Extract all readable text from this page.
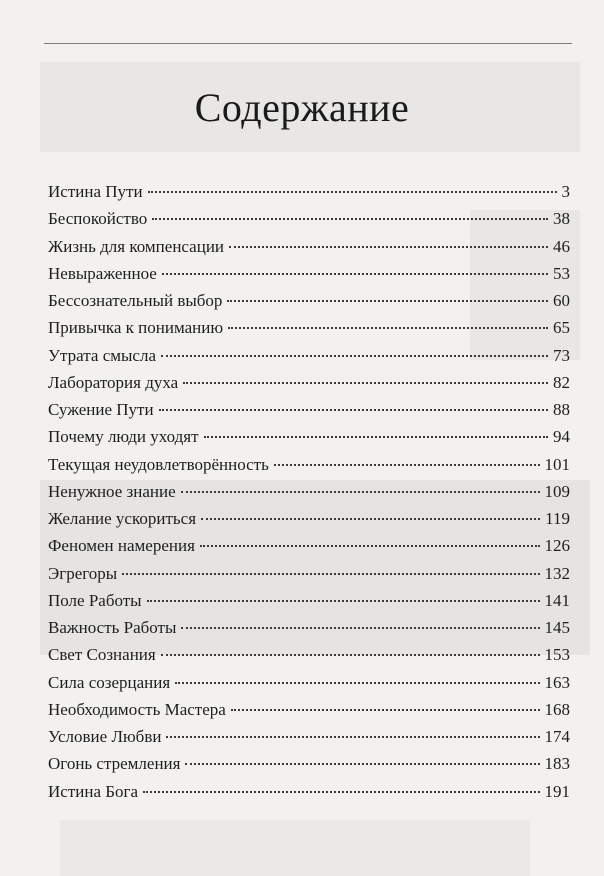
Содержание
Истина Пути	3
Беспокойство	38
Жизнь для компенсации	46
Невыраженное	53
Бессознательный выбор	60
Привычка к пониманию	65
Утрата смысла	73
Лаборатория духа	82
Сужение Пути	88
Почему люди уходят	94
Текущая неудовлетворённость	101
Ненужное знание	109
Желание ускориться	119
Феномен намерения	126
Эгрегоры	132
Поле Работы	141
Важность Работы	145
Свет Сознания	153
Сила созерцания	163
Необходимость Мастера	168
Условие Любви	174
Огонь стремления	183
Истина Бога	191
